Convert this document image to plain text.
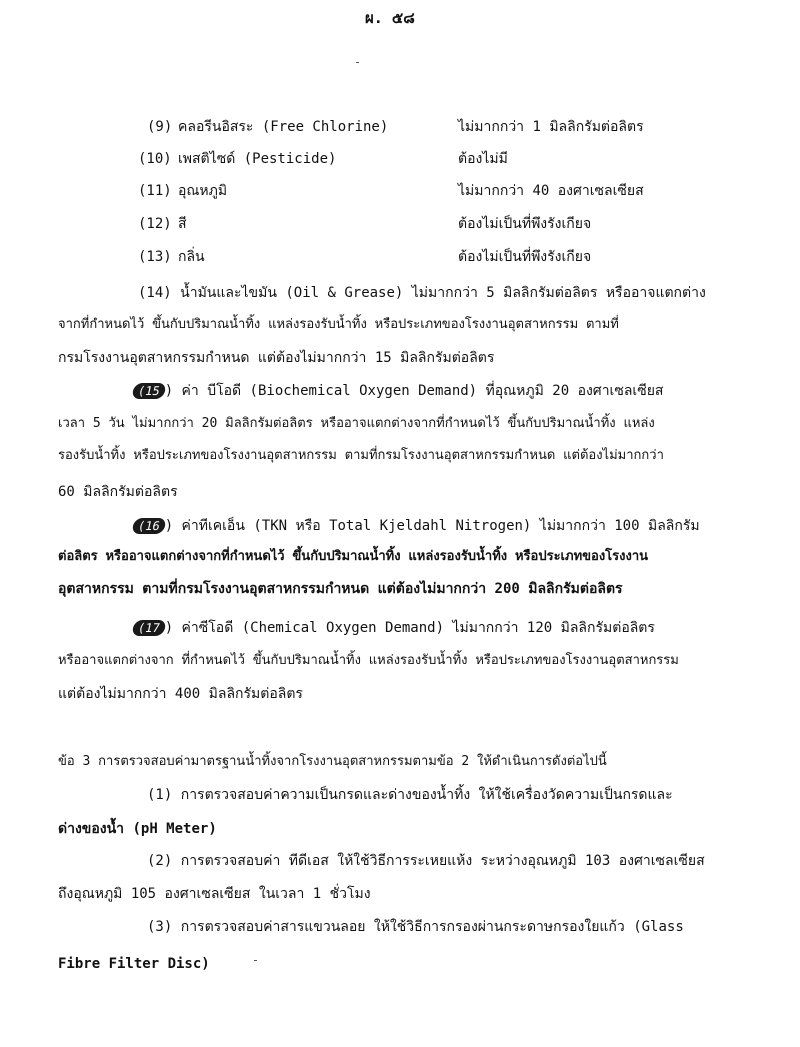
ผ. ๕๘
(9) คลอรีนอิสระ (Free Chlorine)	ไม่มากกว่า 1 มิลลิกรัมต่อลิตร
(10) เพสติไซด์ (Pesticide)	ต้องไม่มี
(11) อุณหภูมิ	ไม่มากกว่า 40 องศาเซลเซียส
(12) สี	ต้องไม่เป็นที่พึงรังเกียจ
(13) กลิ่น	ต้องไม่เป็นที่พึงรังเกียจ
(14) น้ำมันและไขมัน (Oil & Grease) ไม่มากกว่า 5 มิลลิกรัมต่อลิตร หรืออาจแตกต่าง
จากที่กำหนดไว้ ขึ้นกับปริมาณน้ำทิ้ง แหล่งรองรับน้ำทิ้ง หรือประเภทของโรงงานอุตสาหกรรม ตามที่
กรมโรงงานอุตสาหกรรมกำหนด แต่ต้องไม่มากกว่า 15 มิลลิกรัมต่อลิตร
(15 ) ค่า บีโอดี (Biochemical Oxygen Demand) ที่อุณหภูมิ 20 องศาเซลเซียส
เวลา 5 วัน ไม่มากกว่า 20 มิลลิกรัมต่อลิตร หรืออาจแตกต่างจากที่กำหนดไว้ ขึ้นกับปริมาณน้ำทิ้ง แหล่ง
รองรับน้ำทิ้ง หรือประเภทของโรงงานอุตสาหกรรม ตามที่กรมโรงงานอุตสาหกรรมกำหนด แต่ต้องไม่มากกว่า
60 มิลลิกรัมต่อลิตร
(16 ) ค่าทีเคเอ็น (TKN หรือ Total Kjeldahl Nitrogen) ไม่มากกว่า 100 มิลลิกรัม
ต่อลิตร หรืออาจแตกต่างจากที่กำหนดไว้ ขึ้นกับปริมาณน้ำทิ้ง แหล่งรองรับน้ำทิ้ง หรือประเภทของโรงงาน
อุตสาหกรรม ตามที่กรมโรงงานอุตสาหกรรมกำหนด แต่ต้องไม่มากกว่า 200 มิลลิกรัมต่อลิตร
(17 ) ค่าซีโอดี (Chemical Oxygen Demand) ไม่มากกว่า 120 มิลลิกรัมต่อลิตร
หรืออาจแตกต่างจาก ที่กำหนดไว้ ขึ้นกับปริมาณน้ำทิ้ง แหล่งรองรับน้ำทิ้ง หรือประเภทของโรงงานอุตสาหกรรม
แต่ต้องไม่มากกว่า 400 มิลลิกรัมต่อลิตร
ข้อ 3 การตรวจสอบค่ามาตรฐานน้ำทิ้งจากโรงงานอุตสาหกรรมตามข้อ 2 ให้ดำเนินการดังต่อไปนี้
(1) การตรวจสอบค่าความเป็นกรดและด่างของน้ำทิ้ง ให้ใช้เครื่องวัดความเป็นกรดและ
ด่างของน้ำ (pH Meter)
(2) การตรวจสอบค่า ทีดีเอส ให้ใช้วิธีการระเหยแห้ง ระหว่างอุณหภูมิ 103 องศาเซลเซียส
ถึงอุณหภูมิ 105 องศาเซลเซียส ในเวลา 1 ชั่วโมง
(3) การตรวจสอบค่าสารแขวนลอย ให้ใช้วิธีการกรองผ่านกระดาษกรองใยแก้ว (Glass
Fibre Filter Disc)
